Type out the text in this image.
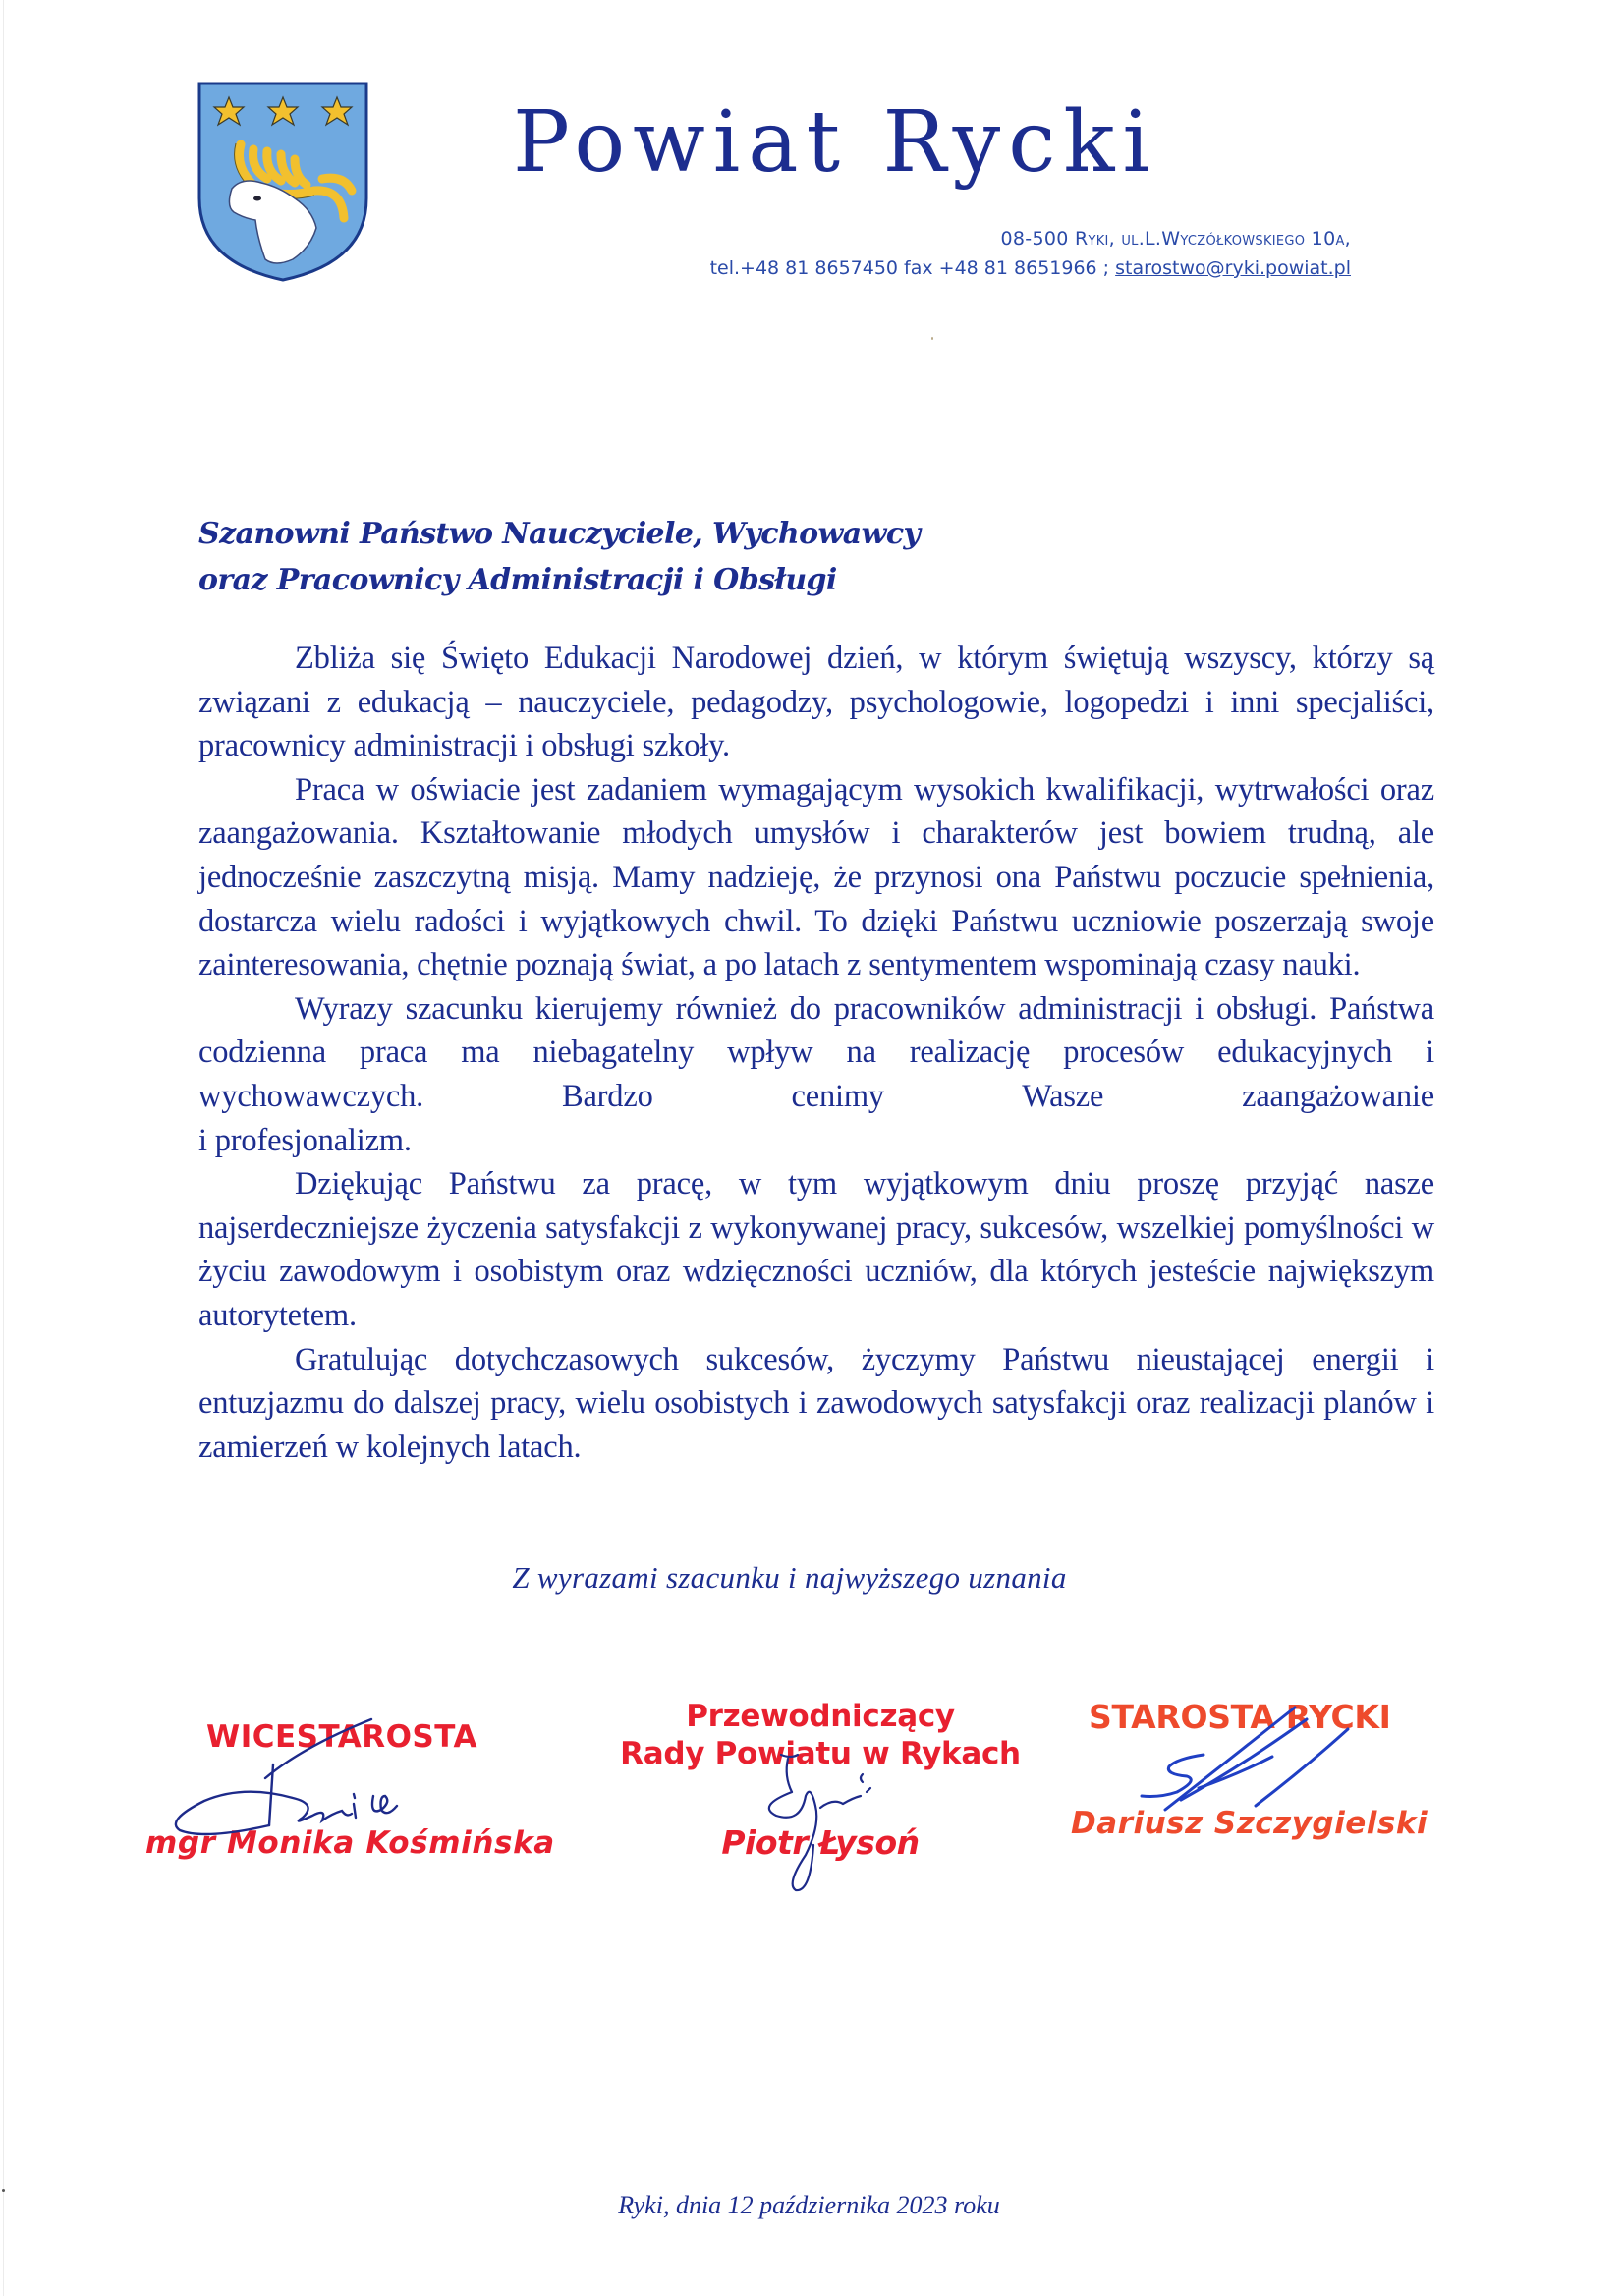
Powiat Rycki
08-500 Ryki, ul.L.Wyczółkowskiego 10a,
tel.+48 81 8657450 fax +48 81 8651966 ; starostwo@ryki.powiat.pl
Szanowni Państwo Nauczyciele, Wychowawcy
oraz Pracownicy Administracji i Obsługi

Zbliża się Święto Edukacji Narodowej dzień, w którym świętują wszyscy, którzy są związani z edukacją – nauczyciele, pedagodzy, psychologowie, logopedzi i inni specjaliści, pracownicy administracji i obsługi szkoły.

Praca w oświacie jest zadaniem wymagającym wysokich kwalifikacji, wytrwałości oraz zaangażowania. Kształtowanie młodych umysłów i charakterów jest bowiem trudną, ale jednocześnie zaszczytną misją. Mamy nadzieję, że przynosi ona Państwu poczucie spełnienia, dostarcza wielu radości i wyjątkowych chwil. To dzięki Państwu uczniowie poszerzają swoje zainteresowania, chętnie poznają świat, a po latach z sentymentem wspominają czasy nauki.

Wyrazy szacunku kierujemy również do pracowników administracji i obsługi. Państwa codzienna praca ma niebagatelny wpływ na realizację procesów edukacyjnych i wychowawczych. Bardzo cenimy Wasze zaangażowanie

i profesjonalizm.

Dziękując Państwu za pracę, w tym wyjątkowym dniu proszę przyjąć nasze najserdeczniejsze życzenia satysfakcji z wykonywanej pracy, sukcesów, wszelkiej pomyślności w życiu zawodowym i osobistym oraz wdzięczności uczniów, dla których jesteście największym autorytetem.

Gratulując dotychczasowych sukcesów, życzymy Państwu nieustającej energii i entuzjazmu do dalszej pracy, wielu osobistych i zawodowych satysfakcji oraz realizacji planów i zamierzeń w kolejnych latach.

Z wyrazami szacunku i najwyższego uznania
WICESTAROSTA
mgr Monika Kośmińska
Przewodniczący
Rady Powiatu w Rykach
Piotr Łysoń
STAROSTA RYCKI
Dariusz Szczygielski
Ryki, dnia 12 października 2023 roku
